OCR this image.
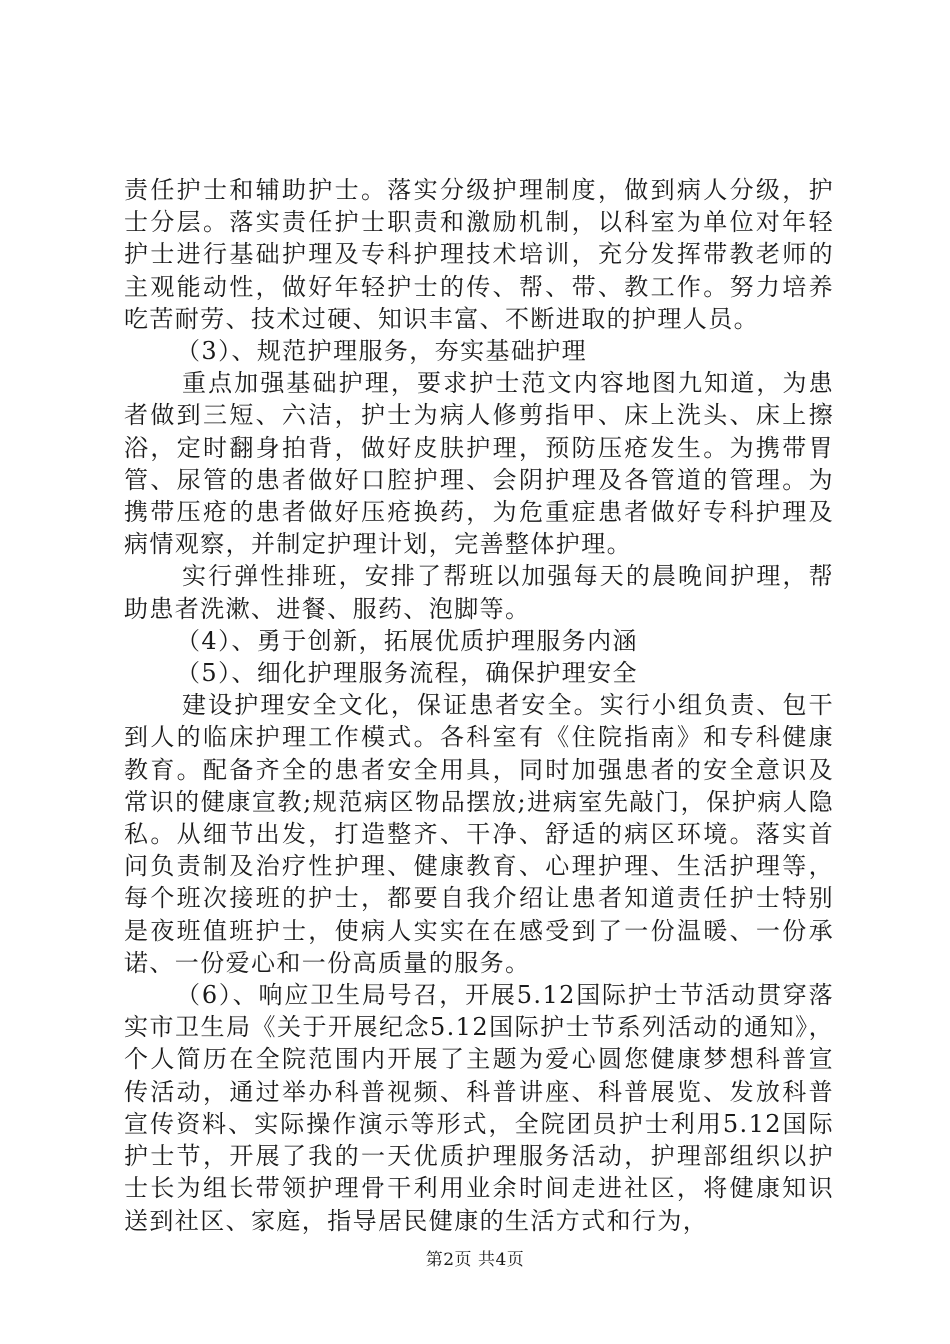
责任护士和辅助护士。落实分级护理制度，做到病人分级，护士分层。落实责任护士职责和激励机制，以科室为单位对年轻护士进行基础护理及专科护理技术培训，充分发挥带教老师的主观能动性，做好年轻护士的传、帮、带、教工作。努力培养吃苦耐劳、技术过硬、知识丰富、不断进取的护理人员。

（3）、规范护理服务，夯实基础护理

重点加强基础护理，要求护士范文内容地图九知道，为患者做到三短、六洁，护士为病人修剪指甲、床上洗头、床上擦浴，定时翻身拍背，做好皮肤护理，预防压疮发生。为携带胃管、尿管的患者做好口腔护理、会阴护理及各管道的管理。为携带压疮的患者做好压疮换药，为危重症患者做好专科护理及病情观察，并制定护理计划，完善整体护理。

实行弹性排班，安排了帮班以加强每天的晨晚间护理，帮助患者洗漱、进餐、服药、泡脚等。

（4）、勇于创新，拓展优质护理服务内涵

（5）、细化护理服务流程，确保护理安全

建设护理安全文化，保证患者安全。实行小组负责、包干到人的临床护理工作模式。各科室有《住院指南》和专科健康教育。配备齐全的患者安全用具，同时加强患者的安全意识及常识的健康宣教;规范病区物品摆放;进病室先敲门，保护病人隐私。从细节出发，打造整齐、干净、舒适的病区环境。落实首问负责制及治疗性护理、健康教育、心理护理、生活护理等，每个班次接班的护士，都要自我介绍让患者知道责任护士特别是夜班值班护士，使病人实实在在感受到了一份温暖、一份承诺、一份爱心和一份高质量的服务。

（6）、响应卫生局号召，开展5.12国际护士节活动贯穿落实市卫生局《关于开展纪念5.12国际护士节系列活动的通知》，个人简历在全院范围内开展了主题为爱心圆您健康梦想科普宣传活动，通过举办科普视频、科普讲座、科普展览、发放科普宣传资料、实际操作演示等形式，全院团员护士利用5.12国际护士节，开展了我的一天优质护理服务活动，护理部组织以护士长为组长带领护理骨干利用业余时间走进社区，将健康知识送到社区、家庭，指导居民健康的生活方式和行为，

第2页 共4页
